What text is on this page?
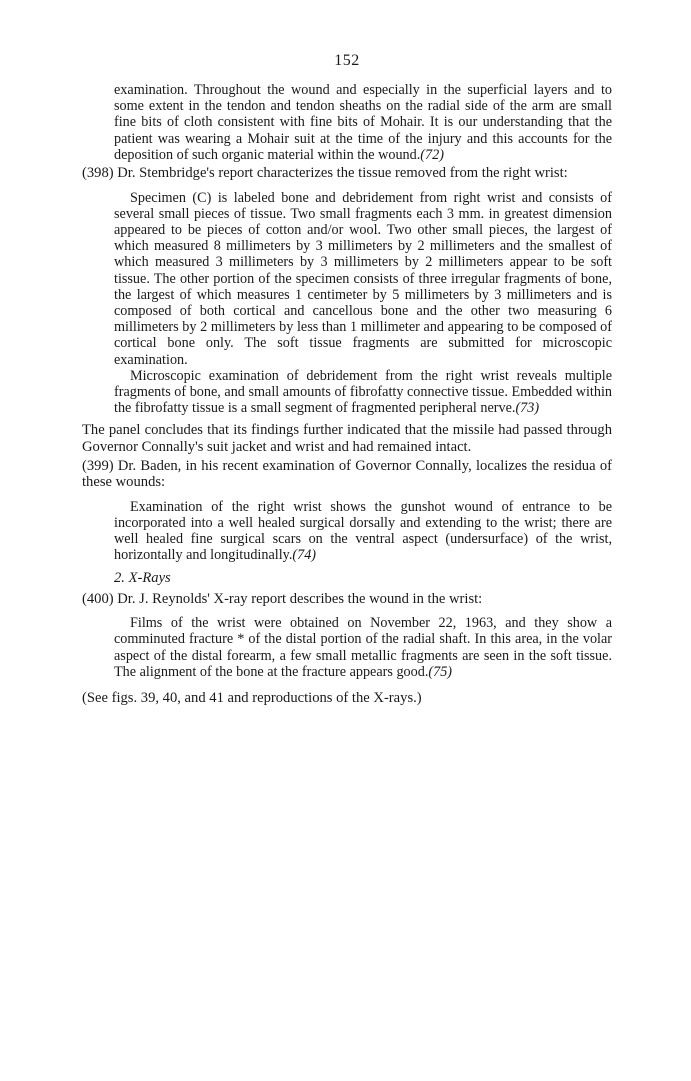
152

examination. Throughout the wound and especially in the superficial layers and to some extent in the tendon and tendon sheaths on the radial side of the arm are small fine bits of cloth consistent with fine bits of Mohair. It is our understanding that the patient was wearing a Mohair suit at the time of the injury and this accounts for the deposition of such organic material within the wound.(72)

(398) Dr. Stembridge's report characterizes the tissue removed from the right wrist:

Specimen (C) is labeled bone and debridement from right wrist and consists of several small pieces of tissue. Two small fragments each 3 mm. in greatest dimension appeared to be pieces of cotton and/or wool. Two other small pieces, the largest of which measured 8 millimeters by 3 millimeters by 2 millimeters and the smallest of which measured 3 millimeters by 3 millimeters by 2 millimeters appear to be soft tissue. The other portion of the specimen consists of three irregular fragments of bone, the largest of which measures 1 centimeter by 5 millimeters by 3 millimeters and is composed of both cortical and cancellous bone and the other two measuring 6 millimeters by 2 millimeters by less than 1 millimeter and appearing to be composed of cortical bone only. The soft tissue fragments are submitted for microscopic examination.

Microscopic examination of debridement from the right wrist reveals multiple fragments of bone, and small amounts of fibrofatty connective tissue. Embedded within the fibrofatty tissue is a small segment of fragmented peripheral nerve.(73)

The panel concludes that its findings further indicated that the missile had passed through Governor Connally's suit jacket and wrist and had remained intact.

(399) Dr. Baden, in his recent examination of Governor Connally, localizes the residua of these wounds:

Examination of the right wrist shows the gunshot wound of entrance to be incorporated into a well healed surgical dorsally and extending to the wrist; there are well healed fine surgical scars on the ventral aspect (undersurface) of the wrist, horizontally and longitudinally.(74)

2. X-Rays

(400) Dr. J. Reynolds' X-ray report describes the wound in the wrist:

Films of the wrist were obtained on November 22, 1963, and they show a comminuted fracture * of the distal portion of the radial shaft. In this area, in the volar aspect of the distal forearm, a few small metallic fragments are seen in the soft tissue. The alignment of the bone at the fracture appears good.(75)

(See figs. 39, 40, and 41 and reproductions of the X-rays.)
